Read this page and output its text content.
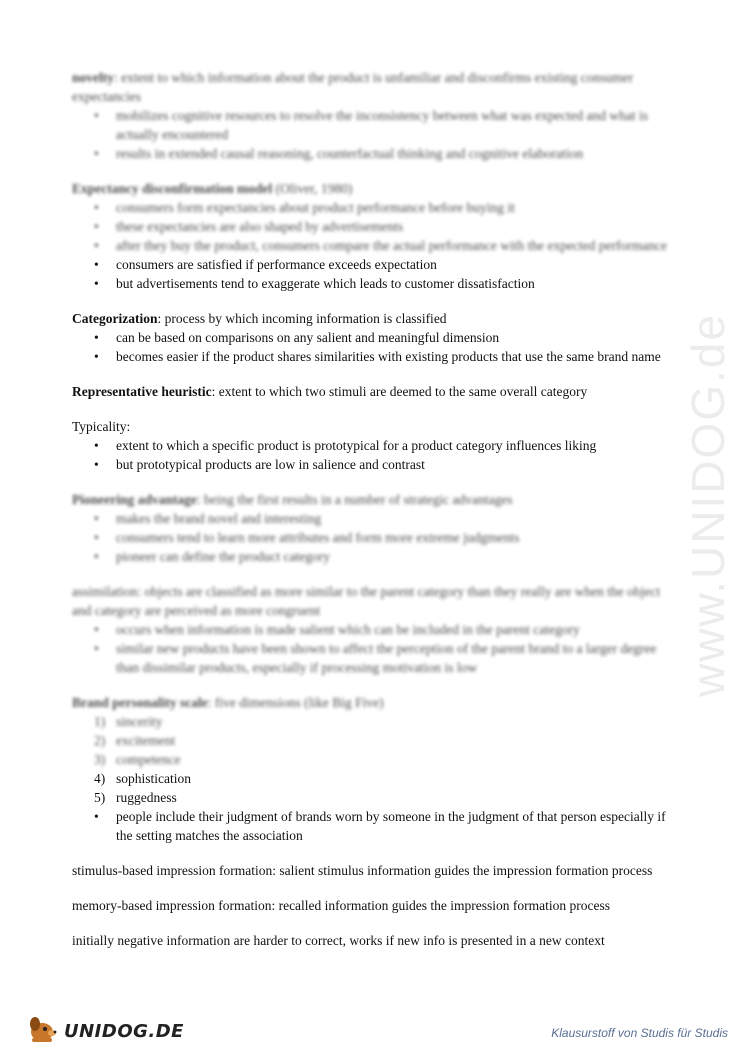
www.UNIDOG.de

novelty: extent to which information about the product is unfamiliar and disconfirms existing consumer expectancies

• mobilizes cognitive resources to resolve the inconsistency between what was expected and what is actually encountered
• results in extended causal reasoning, counterfactual thinking and cognitive elaboration

Expectancy disconfirmation model (Oliver, 1980)

• consumers form expectancies about product performance before buying it
• these expectancies are also shaped by advertisements
• after they buy the product, consumers compare the actual performance with the expected performance
• consumers are satisfied if performance exceeds expectation
• but advertisements tend to exaggerate which leads to customer dissatisfaction

Categorization: process by which incoming information is classified

• can be based on comparisons on any salient and meaningful dimension
• becomes easier if the product shares similarities with existing products that use the same brand name

Representative heuristic: extent to which two stimuli are deemed to the same overall category

Typicality:

• extent to which a specific product is prototypical for a product category influences liking
• but prototypical products are low in salience and contrast

Pioneering advantage: being the first results in a number of strategic advantages

• makes the brand novel and interesting
• consumers tend to learn more attributes and form more extreme judgments
• pioneer can define the product category

assimilation: objects are classified as more similar to the parent category than they really are when the object and category are perceived as more congruent

• occurs when information is made salient which can be included in the parent category
• similar new products have been shown to affect the perception of the parent brand to a larger degree than dissimilar products, especially if processing motivation is low

Brand personality scale: five dimensions (like Big Five)

1) sincerity
2) excitement
3) competence
4) sophistication
5) ruggedness
• people include their judgment of brands worn by someone in the judgment of that person especially if the setting matches the association

stimulus-based impression formation: salient stimulus information guides the impression formation process

memory-based impression formation: recalled information guides the impression formation process

initially negative information are harder to correct, works if new info is presented in a new context

UNIDOG.DE	Klausurstoff von Studis für Studis
